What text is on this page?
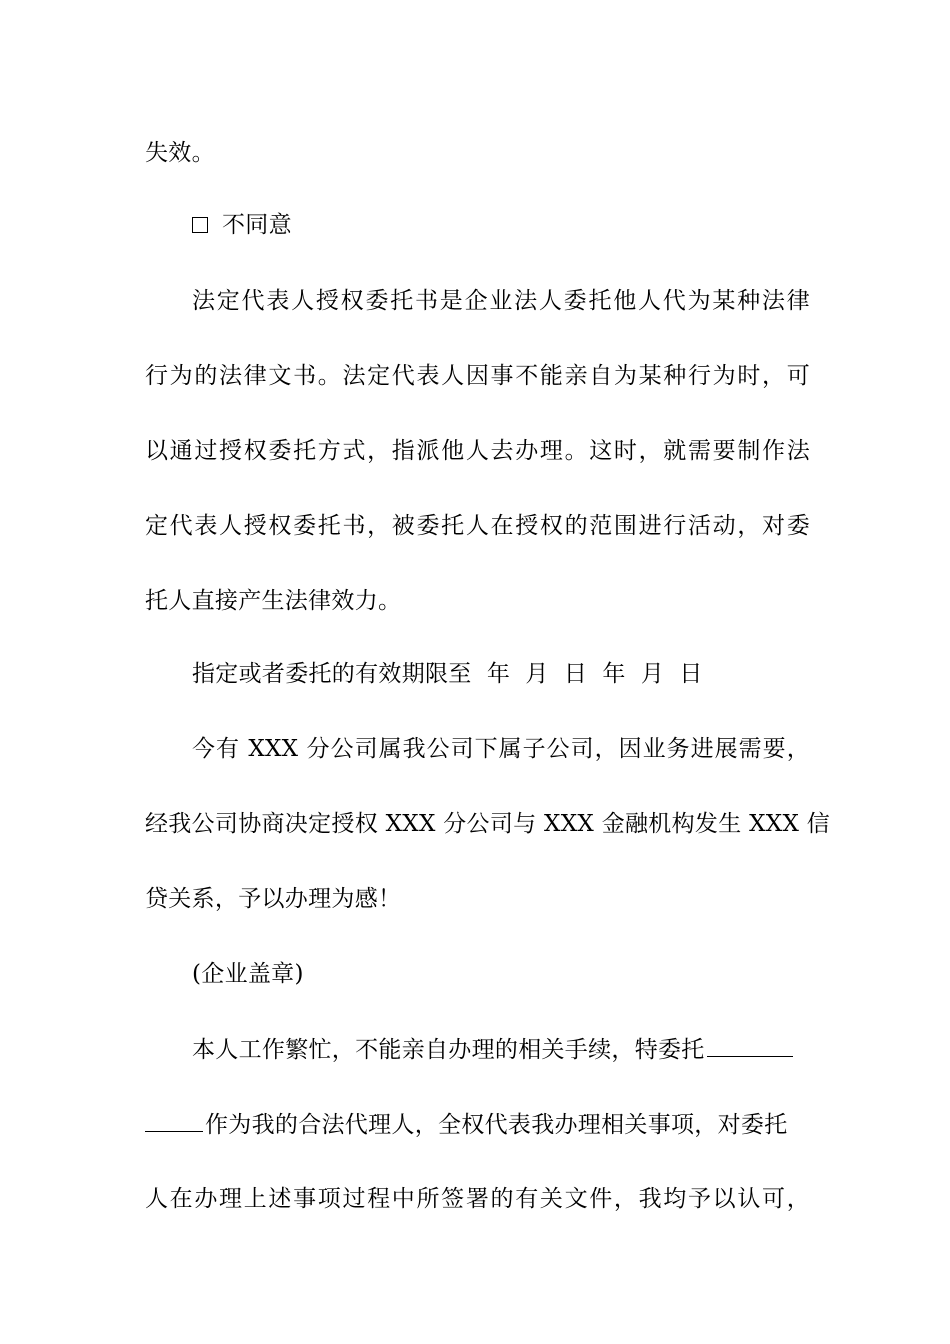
失效。
不同意
法定代表人授权委托书是企业法人委托他人代为某种法律
行为的法律文书。法定代表人因事不能亲自为某种行为时，可
以通过授权委托方式，指派他人去办理。这时，就需要制作法
定代表人授权委托书，被委托人在授权的范围进行活动，对委
托人直接产生法律效力。
指定或者委托的有效期限至  年  月  日  年  月  日
今有 XXX 分公司属我公司下属子公司，因业务进展需要，
经我公司协商决定授权 XXX 分公司与 XXX 金融机构发生 XXX 信
贷关系，予以办理为感！
(企业盖章)
本人工作繁忙，不能亲自办理的相关手续，特委托
作为我的合法代理人，全权代表我办理相关事项，对委托
人在办理上述事项过程中所签署的有关文件，我均予以认可，
